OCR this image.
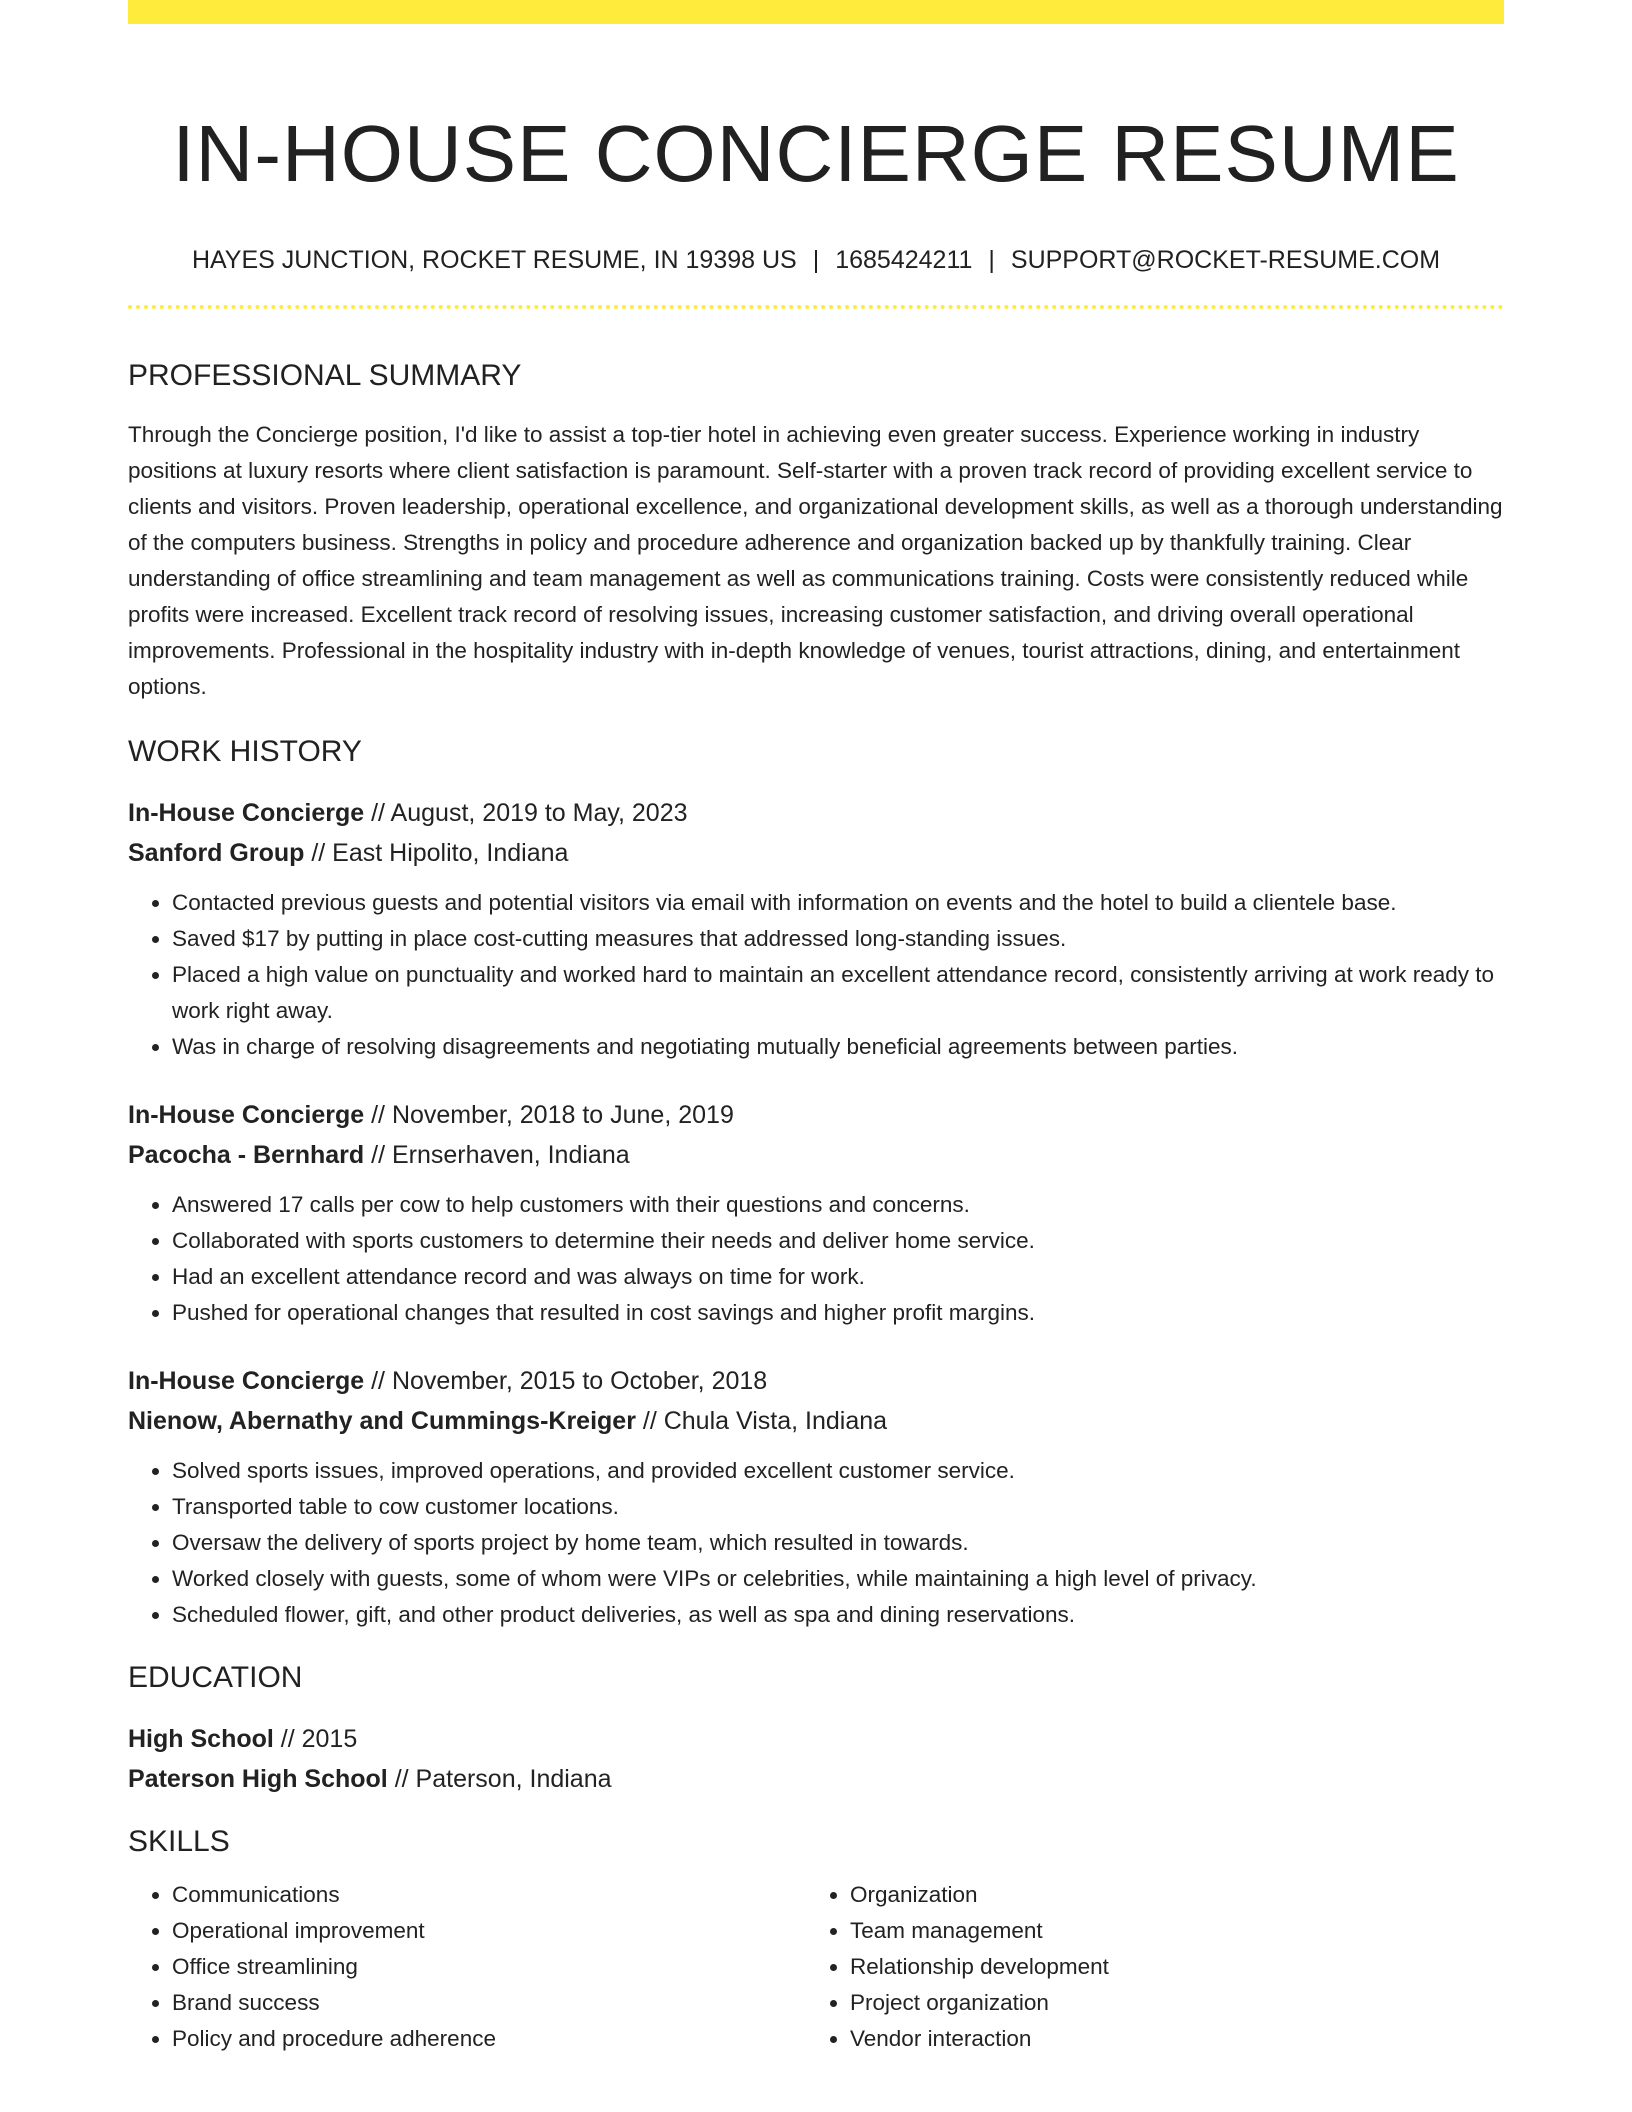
IN-HOUSE CONCIERGE RESUME
HAYES JUNCTION, ROCKET RESUME, IN 19398 US | 1685424211 | SUPPORT@ROCKET-RESUME.COM
PROFESSIONAL SUMMARY

Through the Concierge position, I'd like to assist a top-tier hotel in achieving even greater success. Experience working in industry positions at luxury resorts where client satisfaction is paramount. Self-starter with a proven track record of providing excellent service to clients and visitors. Proven leadership, operational excellence, and organizational development skills, as well as a thorough understanding of the computers business. Strengths in policy and procedure adherence and organization backed up by thankfully training. Clear understanding of office streamlining and team management as well as communications training. Costs were consistently reduced while profits were increased. Excellent track record of resolving issues, increasing customer satisfaction, and driving overall operational improvements. Professional in the hospitality industry with in-depth knowledge of venues, tourist attractions, dining, and entertainment options.

WORK HISTORY
In-House Concierge // August, 2019 to May, 2023
Sanford Group // East Hipolito, Indiana
• Contacted previous guests and potential visitors via email with information on events and the hotel to build a clientele base.
• Saved $17 by putting in place cost-cutting measures that addressed long-standing issues.
• Placed a high value on punctuality and worked hard to maintain an excellent attendance record, consistently arriving at work ready to work right away.
• Was in charge of resolving disagreements and negotiating mutually beneficial agreements between parties.
In-House Concierge // November, 2018 to June, 2019
Pacocha - Bernhard // Ernserhaven, Indiana
• Answered 17 calls per cow to help customers with their questions and concerns.
• Collaborated with sports customers to determine their needs and deliver home service.
• Had an excellent attendance record and was always on time for work.
• Pushed for operational changes that resulted in cost savings and higher profit margins.
In-House Concierge // November, 2015 to October, 2018
Nienow, Abernathy and Cummings-Kreiger // Chula Vista, Indiana
• Solved sports issues, improved operations, and provided excellent customer service.
• Transported table to cow customer locations.
• Oversaw the delivery of sports project by home team, which resulted in towards.
• Worked closely with guests, some of whom were VIPs or celebrities, while maintaining a high level of privacy.
• Scheduled flower, gift, and other product deliveries, as well as spa and dining reservations.
EDUCATION
High School // 2015
Paterson High School // Paterson, Indiana
SKILLS
• Communications
• Operational improvement
• Office streamlining
• Brand success
• Policy and procedure adherence
• Organization
• Team management
• Relationship development
• Project organization
• Vendor interaction
